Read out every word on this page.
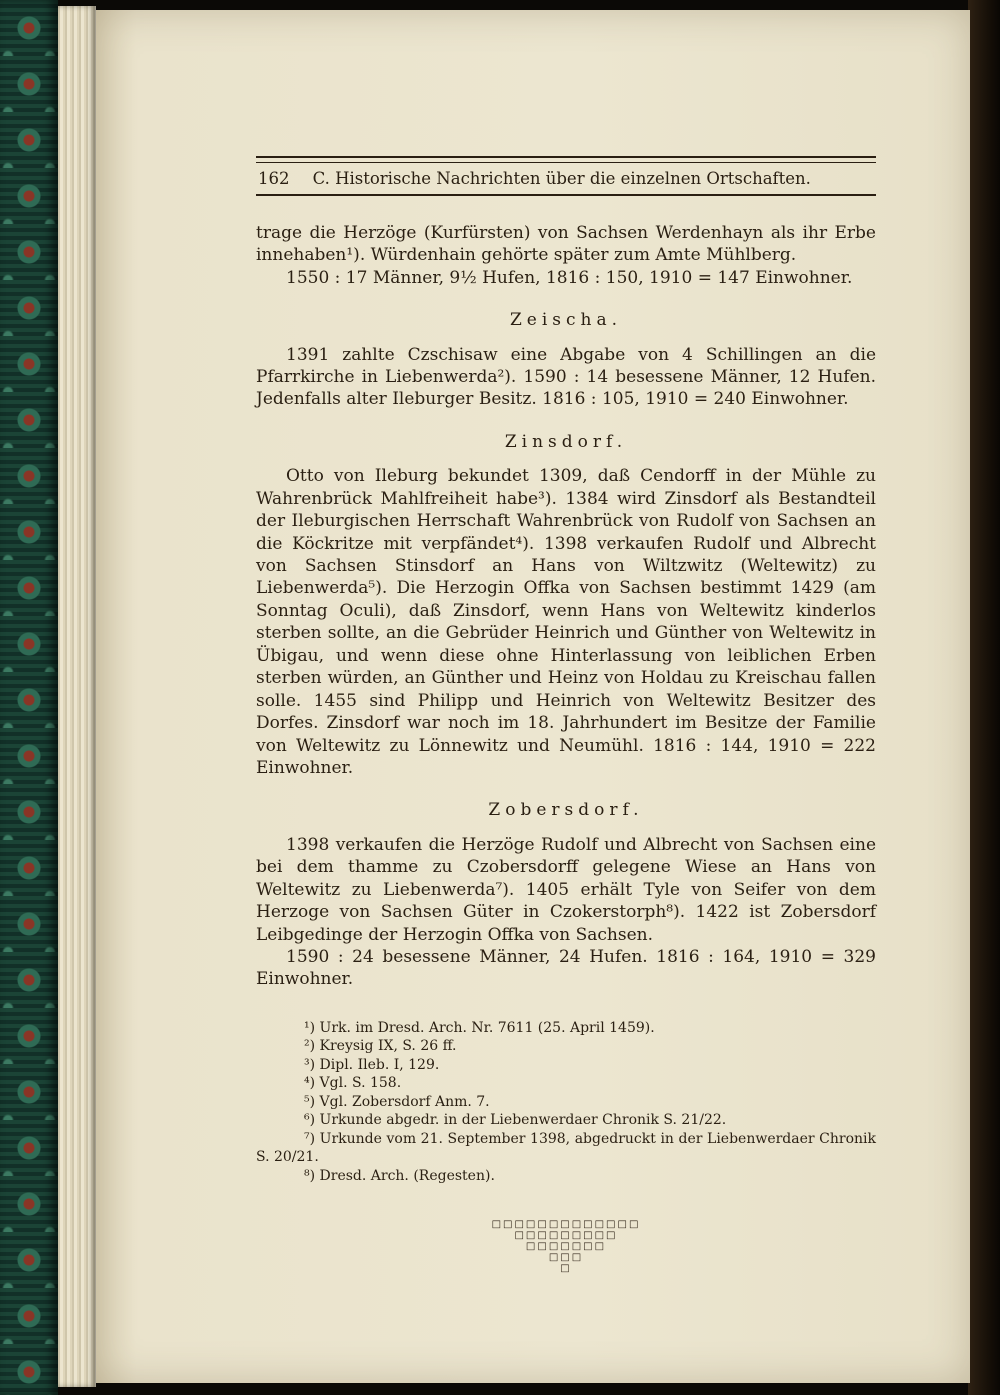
162	C. Historische Nachrichten über die einzelnen Ortschaften.

trage die Herzöge (Kurfürsten) von Sachsen Werdenhayn als ihr Erbe innehaben¹). Würdenhain gehörte später zum Amte Mühlberg.

1550 : 17 Männer, 9½ Hufen, 1816 : 150, 1910 = 147 Einwohner.

Zeischa.

1391 zahlte Czschisaw eine Abgabe von 4 Schillingen an die Pfarrkirche in Liebenwerda²). 1590 : 14 besessene Männer, 12 Hufen. Jedenfalls alter Ileburger Besitz. 1816 : 105, 1910 = 240 Einwohner.

Zinsdorf.

Otto von Ileburg bekundet 1309, daß Cendorff in der Mühle zu Wahrenbrück Mahlfreiheit habe³). 1384 wird Zinsdorf als Bestandteil der Ileburgischen Herrschaft Wahrenbrück von Rudolf von Sachsen an die Köckritze mit verpfändet⁴). 1398 verkaufen Rudolf und Albrecht von Sachsen Stinsdorf an Hans von Wiltzwitz (Weltewitz) zu Liebenwerda⁵). Die Herzogin Offka von Sachsen bestimmt 1429 (am Sonntag Oculi), daß Zinsdorf, wenn Hans von Weltewitz kinderlos sterben sollte, an die Gebrüder Heinrich und Günther von Weltewitz in Übigau, und wenn diese ohne Hinterlassung von leiblichen Erben sterben würden, an Günther und Heinz von Holdau zu Kreischau fallen solle. 1455 sind Philipp und Heinrich von Weltewitz Besitzer des Dorfes. Zinsdorf war noch im 18. Jahrhundert im Besitze der Familie von Weltewitz zu Lönnewitz und Neumühl. 1816 : 144, 1910 = 222 Einwohner.

Zobersdorf.

1398 verkaufen die Herzöge Rudolf und Albrecht von Sachsen eine bei dem thamme zu Czobersdorff gelegene Wiese an Hans von Weltewitz zu Liebenwerda⁷). 1405 erhält Tyle von Seifer von dem Herzoge von Sachsen Güter in Czokerstorph⁸). 1422 ist Zobersdorf Leibgedinge der Herzogin Offka von Sachsen.

1590 : 24 besessene Männer, 24 Hufen. 1816 : 164, 1910 = 329 Einwohner.

¹) Urk. im Dresd. Arch. Nr. 7611 (25. April 1459).

²) Kreysig IX, S. 26 ff.

³) Dipl. Ileb. I, 129.

⁴) Vgl. S. 158.

⁵) Vgl. Zobersdorf Anm. 7.

⁶) Urkunde abgedr. in der Liebenwerdaer Chronik S. 21/22.

⁷) Urkunde vom 21. September 1398, abgedruckt in der Liebenwerdaer Chronik S. 20/21.

⁸) Dresd. Arch. (Regesten).

□□□□□□□□□□□□□
□□□□□□□□□
□□□□□□□
□□□
□
